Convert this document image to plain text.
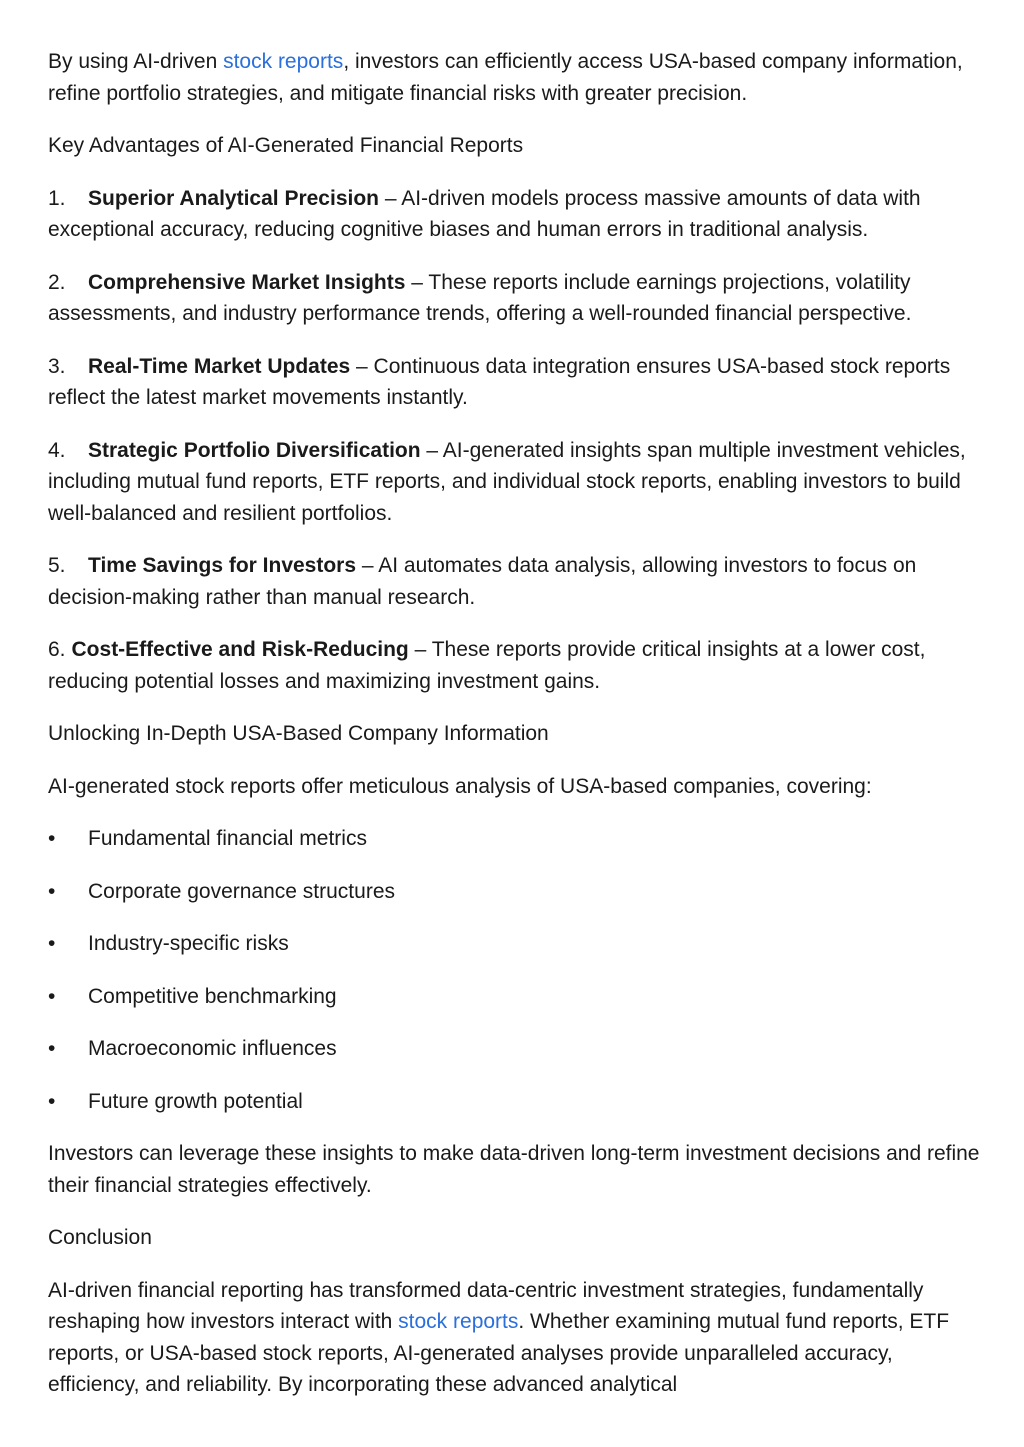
By using AI-driven stock reports, investors can efficiently access USA-based company information, refine portfolio strategies, and mitigate financial risks with greater precision.

Key Advantages of AI-Generated Financial Reports

1. Superior Analytical Precision – AI-driven models process massive amounts of data with exceptional accuracy, reducing cognitive biases and human errors in traditional analysis.

2. Comprehensive Market Insights – These reports include earnings projections, volatility assessments, and industry performance trends, offering a well-rounded financial perspective.

3. Real-Time Market Updates – Continuous data integration ensures USA-based stock reports reflect the latest market movements instantly.

4. Strategic Portfolio Diversification – AI-generated insights span multiple investment vehicles, including mutual fund reports, ETF reports, and individual stock reports, enabling investors to build well-balanced and resilient portfolios.

5. Time Savings for Investors – AI automates data analysis, allowing investors to focus on decision-making rather than manual research.

6. Cost-Effective and Risk-Reducing – These reports provide critical insights at a lower cost, reducing potential losses and maximizing investment gains.

Unlocking In-Depth USA-Based Company Information

AI-generated stock reports offer meticulous analysis of USA-based companies, covering:

• Fundamental financial metrics
• Corporate governance structures
• Industry-specific risks
• Competitive benchmarking
• Macroeconomic influences
• Future growth potential

Investors can leverage these insights to make data-driven long-term investment decisions and refine their financial strategies effectively.

Conclusion

AI-driven financial reporting has transformed data-centric investment strategies, fundamentally reshaping how investors interact with stock reports. Whether examining mutual fund reports, ETF reports, or USA-based stock reports, AI-generated analyses provide unparalleled accuracy, efficiency, and reliability. By incorporating these advanced analytical
